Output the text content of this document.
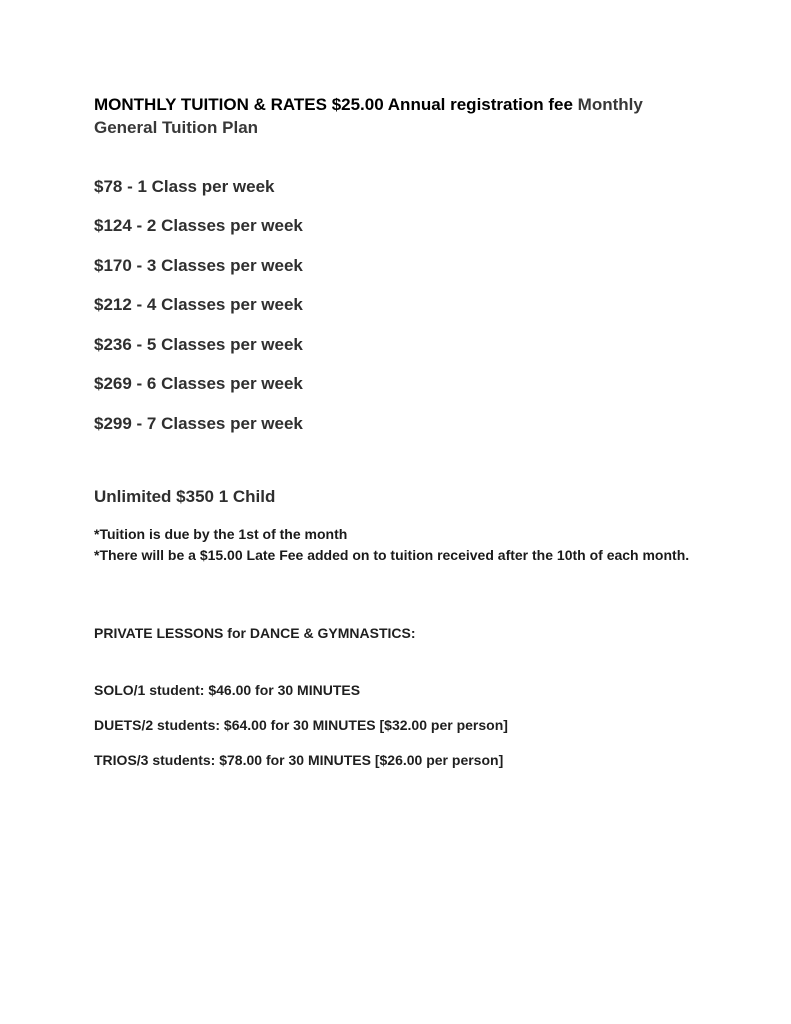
MONTHLY TUITION & RATES $25.00 Annual registration fee Monthly General Tuition Plan
$78 - 1 Class per week
$124 - 2 Classes per week
$170 - 3 Classes per week
$212 - 4 Classes per week
$236 - 5 Classes per week
$269 - 6 Classes per week
$299 - 7 Classes per week
Unlimited $350 1 Child
*Tuition is due by the 1st of the month
*There will be a $15.00 Late Fee added on to tuition received after the 10th of each month.
PRIVATE LESSONS for DANCE & GYMNASTICS:
SOLO/1 student: $46.00 for 30 MINUTES
DUETS/2 students: $64.00 for 30 MINUTES [$32.00 per person]
TRIOS/3 students: $78.00 for 30 MINUTES [$26.00 per person]
